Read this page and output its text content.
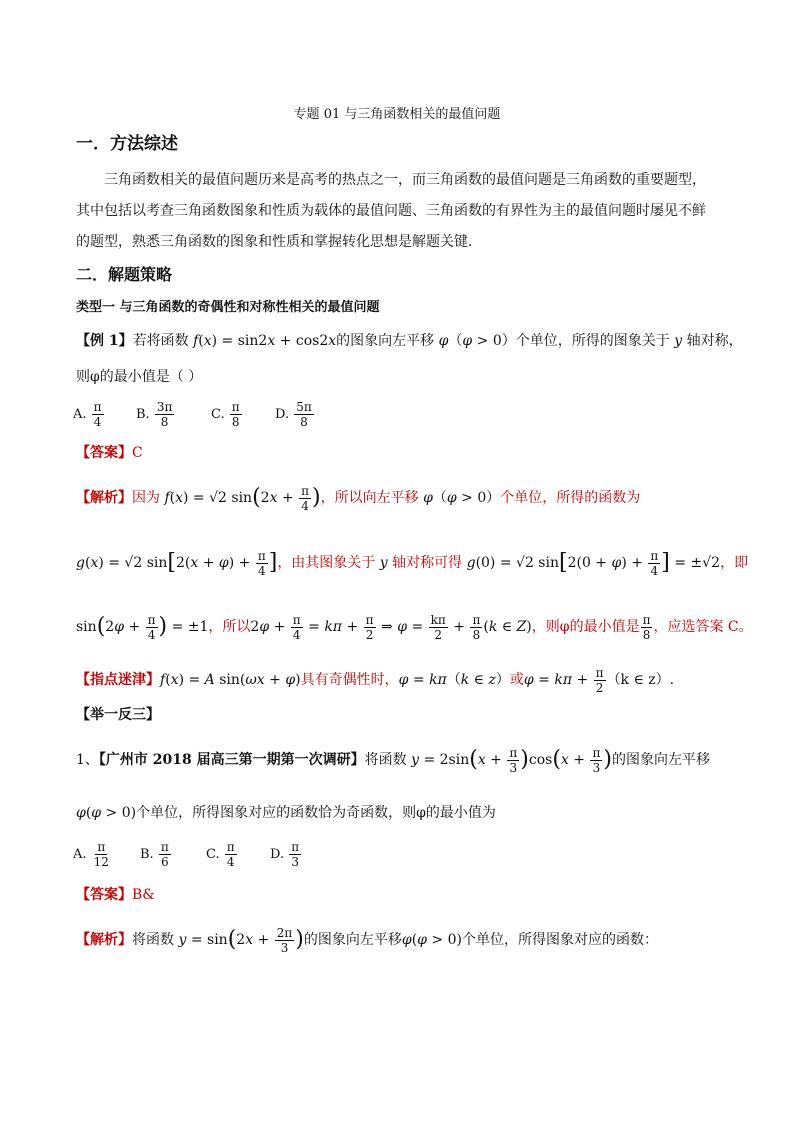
专题 01 与三角函数相关的最值问题
一．方法综述
三角函数相关的最值问题历来是高考的热点之一，而三角函数的最值问题是三角函数的重要题型，其中包括以考查三角函数图象和性质为载体的最值问题、三角函数的有界性为主的最值问题时屡见不鲜的题型，熟悉三角函数的图象和性质和掌握转化思想是解题关键．
二．解题策略
类型一 与三角函数的奇偶性和对称性相关的最值问题
【例 1】若将函数 f(x) = sin2x + cos2x的图象向左平移 φ（φ > 0）个单位，所得的图象关于 y 轴对称，
则φ的最小值是（ ）
A. $\frac{\pi}{4} B$. $\frac{3\pi}{8}$	C. $\frac{\pi}{8}$	D. $\frac{5\pi}{8}$
【答案】C
【解析】因为 f(x) = √2 $\sin(2x + \frac{\pi}{4}$ )，所以向左平移 φ（φ > 0）个单位，所得的函数为
g(x) = √2 $\sin[2(x + \varphi) + \frac{\pi}{4}$ ]，由其图象关于 y 轴对称可得 g(0) = √2 $\sin[2(0 + \varphi) + \frac{\pi}{4}$ ] = ±√2，即
$\sin(2\varphi + \frac{\pi}{4}$ ) = ±1，所以$2\varphi + \frac{\pi}{4} = k\pi + \frac{\pi}{2}$ ⇒ $\varphi = \frac{k\pi}{2} + \frac{\pi}{8} (k$ ∈ Z)，则φ的最小值是 $\frac{\pi}{8}$ ，应选答案 C。
【指点迷津】f(x) = A sin(ωx + φ)具有奇偶性时，φ = kπ（k ∈ z）或$\varphi = k\pi + \frac{\pi}{2} (k$ ∈ z）.
【举一反三】
1、【广州市 2018 届高三第一期第一次调研】将函数 $y = 2\sin(x + \frac{\pi}{3} )\cos(x + \frac{\pi}{3}$ )的图象向左平移
φ(φ > 0)个单位，所得图象对应的函数恰为奇函数，则φ的最小值为
A. $\frac{\pi}{12} B$. $\frac{\pi}{6}$	C. $\frac{\pi}{4}$	D. $\frac{\pi}{3}$
【答案】B&
【解析】将函数 $y = \sin(2x + \frac{2\pi}{3}$ )的图象向左平移φ(φ > 0)个单位，所得图象对应的函数：
